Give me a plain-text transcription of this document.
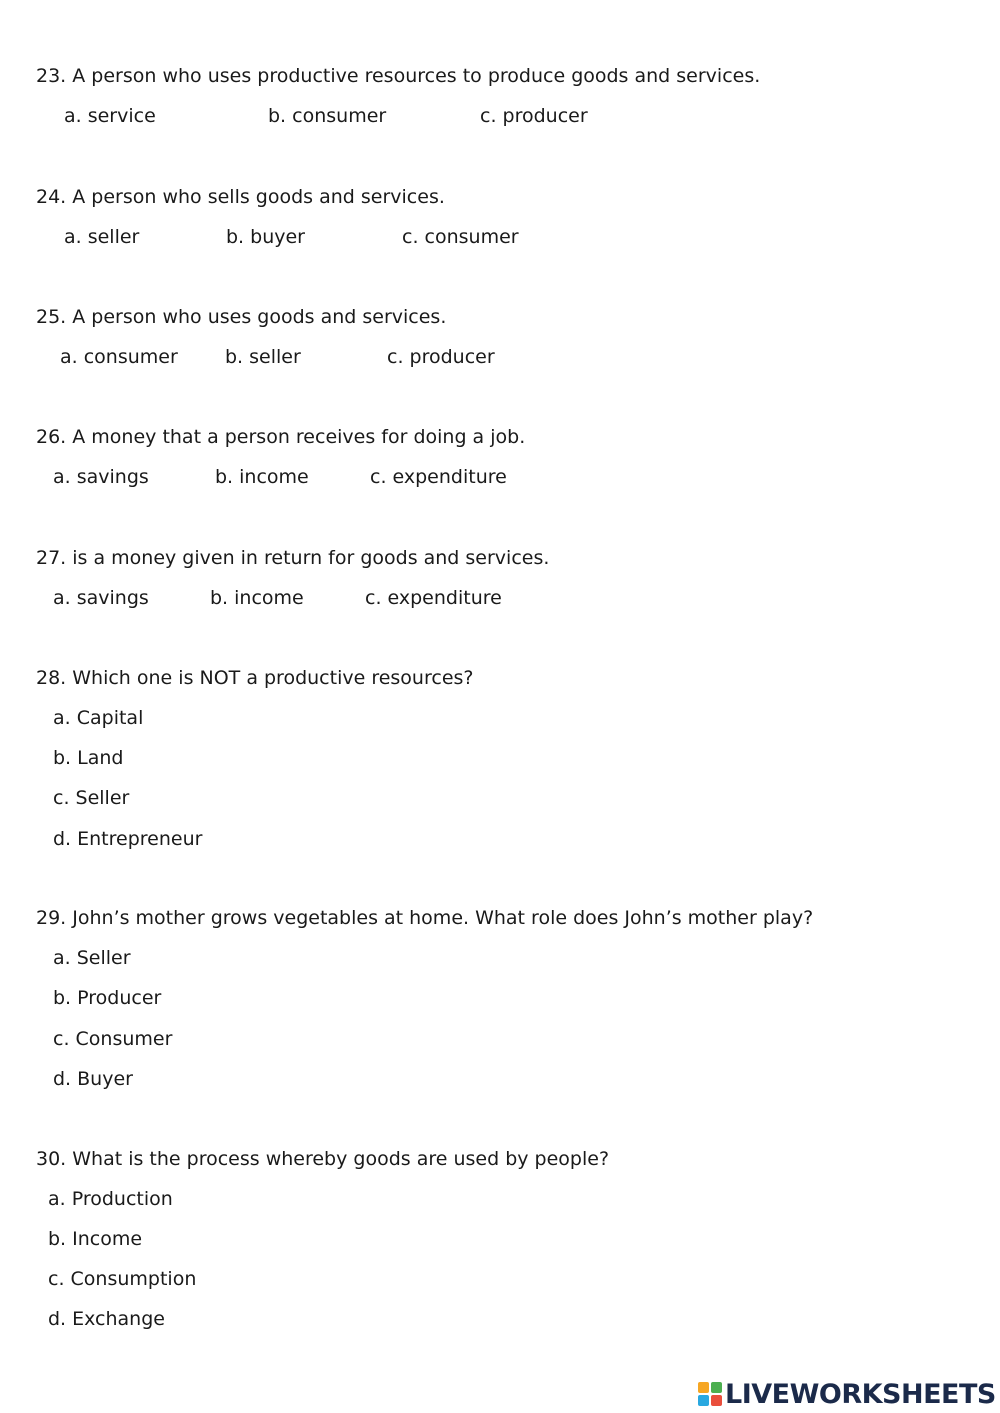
23. A person who uses productive resources to produce goods and services.
a. service	b. consumer	c. producer
24. A person who sells goods and services.
a. seller	b. buyer	c. consumer
25. A person who uses goods and services.
a. consumer b. seller	c. producer
26. A money that a person receives for doing a job.
a. savings	b. income	c. expenditure
27. is a money given in return for goods and services.
a. savings	b. income	c. expenditure
28. Which one is NOT a productive resources?
a. Capital
b. Land
c. Seller
d. Entrepreneur
29. John’s mother grows vegetables at home. What role does John’s mother play?
a. Seller
b. Producer
c. Consumer
d. Buyer
30. What is the process whereby goods are used by people?
a. Production
b. Income
c. Consumption
d. Exchange
LIVEWORKSHEETS
